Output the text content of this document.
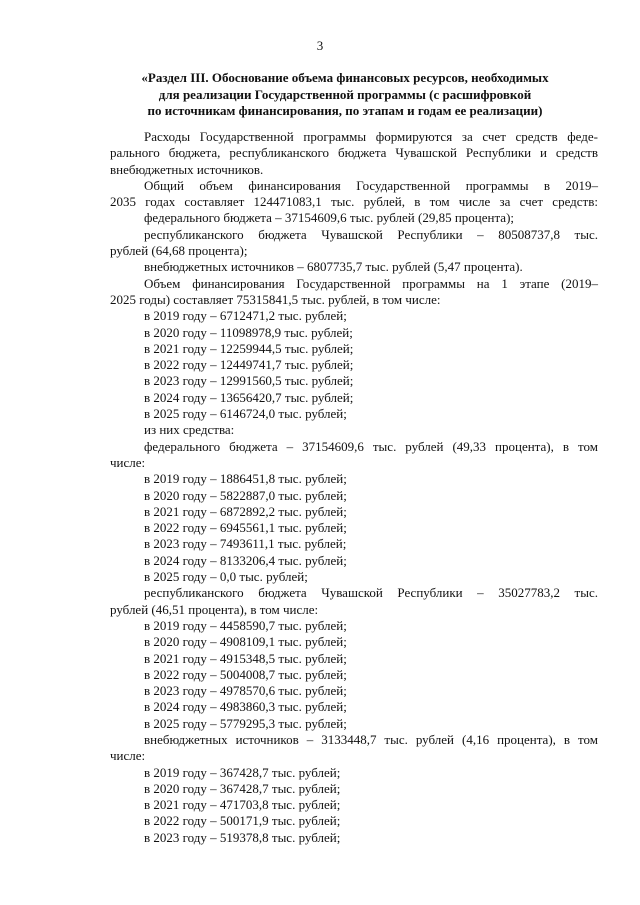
3
«Раздел III. Обоснование объема финансовых ресурсов, необходимых
для реализации Государственной программы (с расшифровкой
по источникам финансирования, по этапам и годам ее реализации)
Расходы Государственной программы формируются за счет средств феде-
рального бюджета, республиканского бюджета Чувашской Республики и средств
внебюджетных источников.
Общий объем финансирования Государственной программы в 2019–
2035 годах составляет 124471083,1 тыс. рублей, в том числе за счет средств:
федерального бюджета – 37154609,6 тыс. рублей (29,85 процента);
республиканского бюджета Чувашской Республики – 80508737,8 тыс.
рублей (64,68 процента);
внебюджетных источников – 6807735,7 тыс. рублей (5,47 процента).
Объем финансирования Государственной программы на 1 этапе (2019–
2025 годы) составляет 75315841,5 тыс. рублей, в том числе:
в 2019 году – 6712471,2 тыс. рублей;
в 2020 году – 11098978,9 тыс. рублей;
в 2021 году – 12259944,5 тыс. рублей;
в 2022 году – 12449741,7 тыс. рублей;
в 2023 году – 12991560,5 тыс. рублей;
в 2024 году – 13656420,7 тыс. рублей;
в 2025 году – 6146724,0 тыс. рублей;
из них средства:
федерального бюджета – 37154609,6 тыс. рублей (49,33 процента), в том
числе:
в 2019 году – 1886451,8 тыс. рублей;
в 2020 году – 5822887,0 тыс. рублей;
в 2021 году – 6872892,2 тыс. рублей;
в 2022 году – 6945561,1 тыс. рублей;
в 2023 году – 7493611,1 тыс. рублей;
в 2024 году – 8133206,4 тыс. рублей;
в 2025 году – 0,0 тыс. рублей;
республиканского бюджета Чувашской Республики – 35027783,2 тыс.
рублей (46,51 процента), в том числе:
в 2019 году – 4458590,7 тыс. рублей;
в 2020 году – 4908109,1 тыс. рублей;
в 2021 году – 4915348,5 тыс. рублей;
в 2022 году – 5004008,7 тыс. рублей;
в 2023 году – 4978570,6 тыс. рублей;
в 2024 году – 4983860,3 тыс. рублей;
в 2025 году – 5779295,3 тыс. рублей;
внебюджетных источников – 3133448,7 тыс. рублей (4,16 процента), в том
числе:
в 2019 году – 367428,7 тыс. рублей;
в 2020 году – 367428,7 тыс. рублей;
в 2021 году – 471703,8 тыс. рублей;
в 2022 году – 500171,9 тыс. рублей;
в 2023 году – 519378,8 тыс. рублей;
